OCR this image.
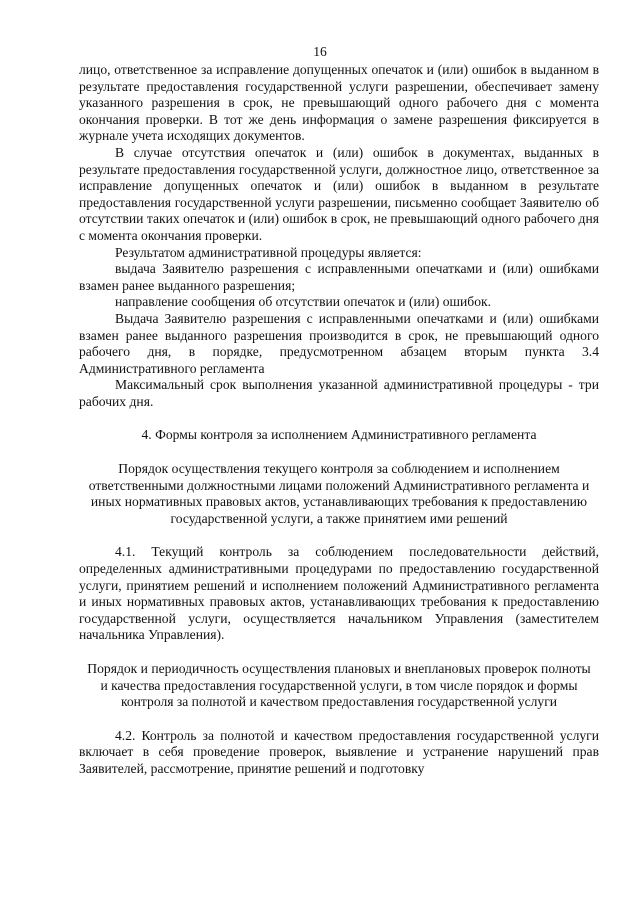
16

лицо, ответственное за исправление допущенных опечаток и (или) ошибок в выданном в результате предоставления государственной услуги разрешении, обеспечивает замену указанного разрешения в срок, не превышающий одного рабочего дня с момента окончания проверки. В тот же день информация о замене разрешения фиксируется в журнале учета исходящих документов.

В случае отсутствия опечаток и (или) ошибок в документах, выданных в результате предоставления государственной услуги, должностное лицо, ответственное за исправление допущенных опечаток и (или) ошибок в выданном в результате предоставления государственной услуги разрешении, письменно сообщает Заявителю об отсутствии таких опечаток и (или) ошибок в срок, не превышающий одного рабочего дня с момента окончания проверки.

Результатом административной процедуры является:

выдача Заявителю разрешения с исправленными опечатками и (или) ошибками взамен ранее выданного разрешения;

направление сообщения об отсутствии опечаток и (или) ошибок.

Выдача Заявителю разрешения с исправленными опечатками и (или) ошибками взамен ранее выданного разрешения производится в срок, не превышающий одного рабочего дня, в порядке, предусмотренном абзацем вторым пункта 3.4 Административного регламента

Максимальный срок выполнения указанной административной процедуры - три рабочих дня.

4. Формы контроля за исполнением Административного регламента

Порядок осуществления текущего контроля за соблюдением и исполнением ответственными должностными лицами положений Административного регламента и иных нормативных правовых актов, устанавливающих требования к предоставлению государственной услуги, а также принятием ими решений

4.1. Текущий контроль за соблюдением последовательности действий, определенных административными процедурами по предоставлению государственной услуги, принятием решений и исполнением положений Административного регламента и иных нормативных правовых актов, устанавливающих требования к предоставлению государственной услуги, осуществляется начальником Управления (заместителем начальника Управления).

Порядок и периодичность осуществления плановых и внеплановых проверок полноты и качества предоставления государственной услуги, в том числе порядок и формы контроля за полнотой и качеством предоставления государственной услуги

4.2. Контроль за полнотой и качеством предоставления государственной услуги включает в себя проведение проверок, выявление и устранение нарушений прав Заявителей, рассмотрение, принятие решений и подготовку
